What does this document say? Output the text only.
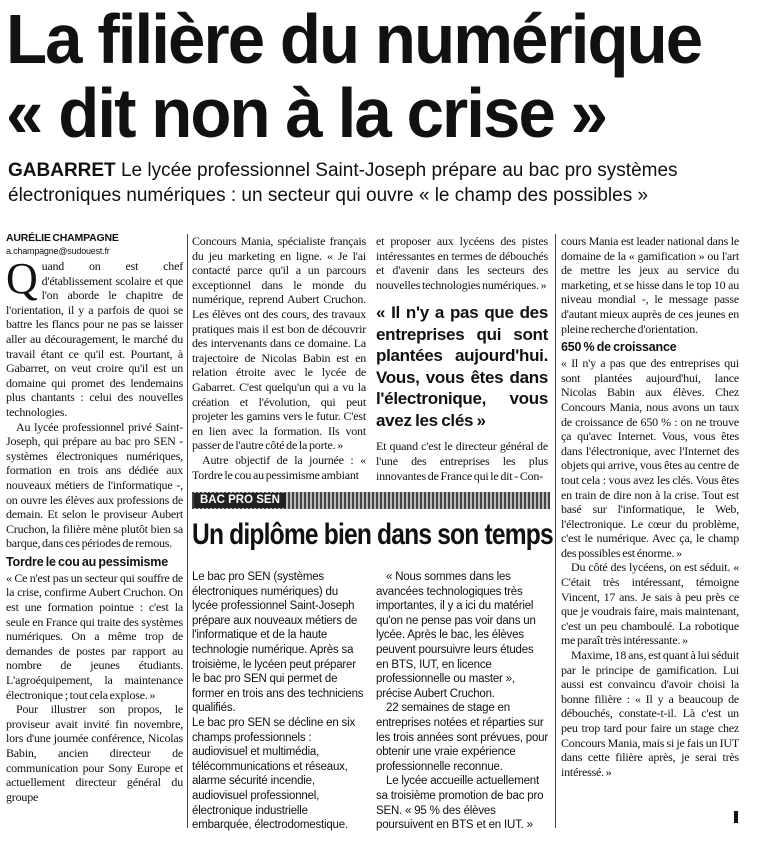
La filière du numérique
« dit non à la crise »
GABARRET Le lycée professionnel Saint-Joseph prépare au bac pro systèmes électroniques numériques : un secteur qui ouvre « le champ des possibles »
AURÉLIE CHAMPAGNE
a.champagne@sudouest.fr

Quand on est chef d'établissement scolaire et que l'on aborde le chapitre de l'orientation, il y a parfois de quoi se battre les flancs pour ne pas se laisser aller au découragement, le marché du travail étant ce qu'il est. Pourtant, à Gabarret, on veut croire qu'il est un domaine qui promet des lendemains plus chantants : celui des nouvelles technologies.

Au lycée professionnel privé Saint-Joseph, qui prépare au bac pro SEN - systèmes électroniques numériques, formation en trois ans dédiée aux nouveaux métiers de l'informatique -, on ouvre les élèves aux professions de demain. Et selon le proviseur Aubert Cruchon, la filière mène plutôt bien sa barque, dans ces périodes de remous.

Tordre le cou au pessimisme

« Ce n'est pas un secteur qui souffre de la crise, confirme Aubert Cruchon. On est une formation pointue : c'est la seule en France qui traite des systèmes numériques. On a même trop de demandes de postes par rapport au nombre de jeunes étudiants. L'agroéquipement, la maintenance électronique ; tout cela explose. »

Pour illustrer son propos, le proviseur avait invité fin novembre, lors d'une journée conférence, Nicolas Babin, ancien directeur de communication pour Sony Europe et actuellement directeur général du groupe

Concours Mania, spécialiste français du jeu marketing en ligne. « Je l'ai contacté parce qu'il a un parcours exceptionnel dans le monde du numérique, reprend Aubert Cruchon. Les élèves ont des cours, des travaux pratiques mais il est bon de découvrir des intervenants dans ce domaine. La trajectoire de Nicolas Babin est en relation étroite avec le lycée de Gabarret. C'est quelqu'un qui a vu la création et l'évolution, qui peut projeter les gamins vers le futur. C'est en lien avec la formation. Ils vont passer de l'autre côté de la porte. »

Autre objectif de la journée : « Tordre le cou au pessimisme ambiant

et proposer aux lycéens des pistes intéressantes en termes de débouchés et d'avenir dans les secteurs des nouvelles technologies numériques. »

« Il n'y a pas que des entreprises qui sont plantées aujourd'hui. Vous, vous êtes dans l'électronique, vous avez les clés »

Et quand c'est le directeur général de l'une des entreprises les plus innovantes de France qui le dit - Con-

cours Mania est leader national dans le domaine de la « gamification » ou l'art de mettre les jeux au service du marketing, et se hisse dans le top 10 au niveau mondial -, le message passe d'autant mieux auprès de ces jeunes en pleine recherche d'orientation.

650 % de croissance

« Il n'y a pas que des entreprises qui sont plantées aujourd'hui, lance Nicolas Babin aux élèves. Chez Concours Mania, nous avons un taux de croissance de 650 % : on ne trouve ça qu'avec Internet. Vous, vous êtes dans l'électronique, avec l'Internet des objets qui arrive, vous êtes au centre de tout cela : vous avez les clés. Vous êtes en train de dire non à la crise. Tout est basé sur l'informatique, le Web, l'électronique. Le cœur du problème, c'est le numérique. Avec ça, le champ des possibles est énorme. »

Du côté des lycéens, on est séduit. « C'était très intéressant, témoigne Vincent, 17 ans. Je sais à peu près ce que je voudrais faire, mais maintenant, c'est un peu chamboulé. La robotique me paraît très intéressante. »

Maxime, 18 ans, est quant à lui séduit par le principe de gamification. Lui aussi est convaincu d'avoir choisi la bonne filière : « Il y a beaucoup de débouchés, constate-t-il. Là c'est un peu trop tard pour faire un stage chez Concours Mania, mais si je fais un IUT dans cette filière après, je serai très intéressé. »

BAC PRO SEN
Un diplôme bien dans son temps

Le bac pro SEN (systèmes électroniques numériques) du lycée professionnel Saint-Joseph prépare aux nouveaux métiers de l'informatique et de la haute technologie numérique. Après sa troisième, le lycéen peut préparer le bac pro SEN qui permet de former en trois ans des techniciens qualifiés.

Le bac pro SEN se décline en six champs professionnels : audiovisuel et multimédia, télécommunications et réseaux, alarme sécurité incendie, audiovisuel professionnel, électronique industrielle embarquée, électrodomestique.

« Nous sommes dans les avancées technologiques très importantes, il y a ici du matériel qu'on ne pense pas voir dans un lycée. Après le bac, les élèves peuvent poursuivre leurs études en BTS, IUT, en licence professionnelle ou master », précise Aubert Cruchon.

22 semaines de stage en entreprises notées et réparties sur les trois années sont prévues, pour obtenir une vraie expérience professionnelle reconnue.

Le lycée accueille actuellement sa troisième promotion de bac pro SEN. « 95 % des élèves poursuivent en BTS et en IUT. »
